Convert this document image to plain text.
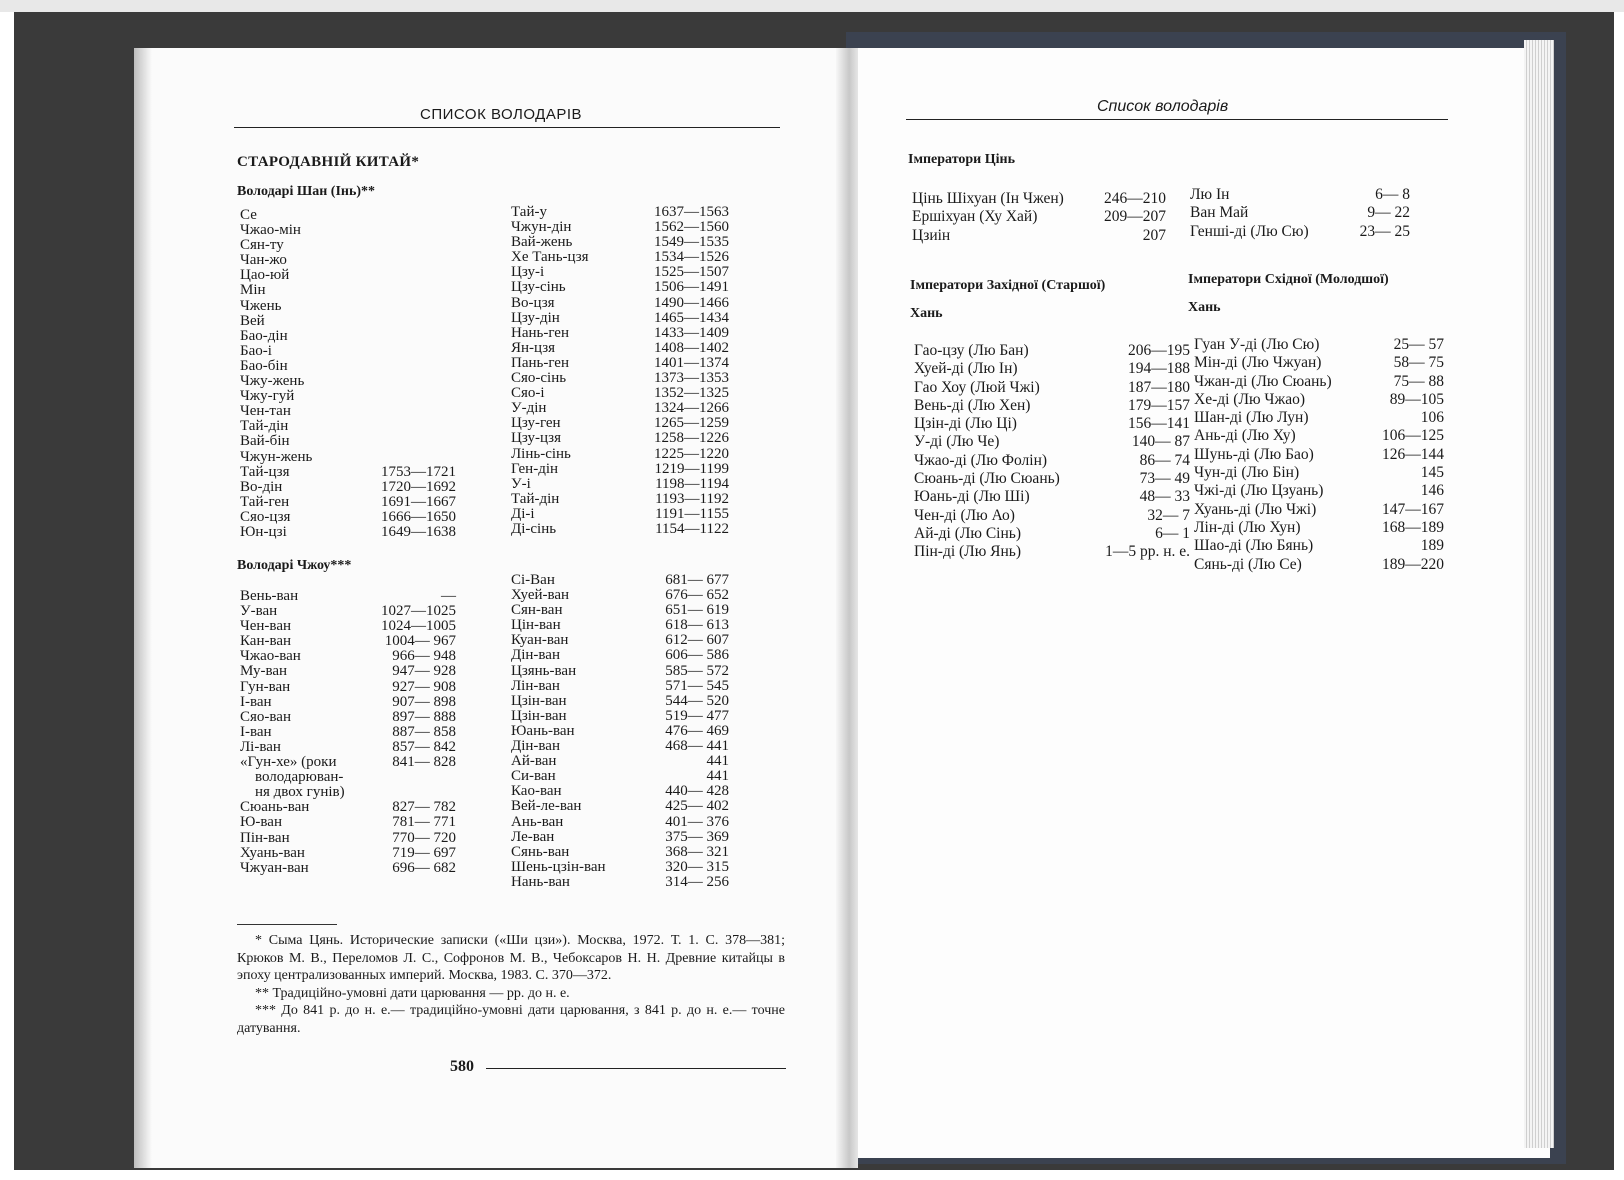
СПИСОК ВОЛОДАРІВ
СТАРОДАВНІЙ КИТАЙ*
Володарі Шан (Інь)**
Се
Чжао-мін
Сян-ту
Чан-жо
Цао-юй
Мін
Чжень
Вей
Бао-дін
Бао-і
Бао-бін
Чжу-жень
Чжу-гуй
Чен-тан
Тай-дін
Вай-бін
Чжун-жень
Тай-цзя	1753—1721
Во-дін	1720—1692
Тай-ген	1691—1667
Сяо-цзя	1666—1650
Юн-цзі	1649—1638
Тай-у	1637—1563
Чжун-дін	1562—1560
Вай-жень	1549—1535
Хе Тань-цзя	1534—1526
Цзу-і	1525—1507
Цзу-сінь	1506—1491
Во-цзя	1490—1466
Цзу-дін	1465—1434
Нань-ген	1433—1409
Ян-цзя	1408—1402
Пань-ген	1401—1374
Сяо-сінь	1373—1353
Сяо-і	1352—1325
У-дін	1324—1266
Цзу-ген	1265—1259
Цзу-цзя	1258—1226
Лінь-сінь	1225—1220
Ген-дін	1219—1199
У-і	1198—1194
Тай-дін	1193—1192
Ді-і	1191—1155
Ді-сінь	1154—1122
Володарі Чжоу***
Вень-ван	—
У-ван	1027—1025
Чен-ван	1024—1005
Кан-ван	1004— 967
Чжао-ван	966— 948
Му-ван	947— 928
Гун-ван	927— 908
І-ван	907— 898
Сяо-ван	897— 888
І-ван	887— 858
Лі-ван	857— 842
«Гун-хе» (роки	841— 828
володарюван-
ня двох гунів)
Сюань-ван	827— 782
Ю-ван	781— 771
Пін-ван	770— 720
Хуань-ван	719— 697
Чжуан-ван	696— 682
Сі-Ван	681— 677
Хуей-ван	676— 652
Сян-ван	651— 619
Цін-ван	618— 613
Куан-ван	612— 607
Дін-ван	606— 586
Цзянь-ван	585— 572
Лін-ван	571— 545
Цзін-ван	544— 520
Цзін-ван	519— 477
Юань-ван	476— 469
Дін-ван	468— 441
Ай-ван	441
Си-ван	441
Као-ван	440— 428
Вей-ле-ван	425— 402
Ань-ван	401— 376
Ле-ван	375— 369
Сянь-ван	368— 321
Шень-цзін-ван	320— 315
Нань-ван	314— 256

* Сыма Цянь. Исторические записки («Ши цзи»). Москва, 1972. Т. 1. С. 378—381; Крюков М. В., Переломов Л. С., Софронов М. В., Чебоксаров Н. Н. Древние китайцы в эпоху централизованных империй. Москва, 1983. С. 370—372.

** Традиційно-умовні дати царювання — рр. до н. е.

*** До 841 р. до н. е.— традиційно-умовні дати царювання, з 841 р. до н. е.— точне датування.

580
Список володарів
Імператори Цінь
Цінь Шіхуан (Ін Чжен)	246—210
Ершіхуан (Ху Хай)	209—207
Цзиін	207
Лю Ін	6— 8
Ван Май	9— 22
Генші-ді (Лю Сю)	23— 25
Імператори Західної (Старшої)
Хань
Гао-цзу (Лю Бан)	206—195
Хуей-ді (Лю Ін)	194—188
Гао Хоу (Люй Чжі)	187—180
Вень-ді (Лю Хен)	179—157
Цзін-ді (Лю Ці)	156—141
У-ді (Лю Че)	140— 87
Чжао-ді (Лю Фолін)	86— 74
Сюань-ді (Лю Сюань)	73— 49
Юань-ді (Лю Ші)	48— 33
Чен-ді (Лю Ао)	32— 7
Ай-ді (Лю Сінь)	6— 1
Пін-ді (Лю Янь)	1—5 рр. н. е.
Імператори Східної (Молодшої)
Хань
Гуан У-ді (Лю Сю)	25— 57
Мін-ді (Лю Чжуан)	58— 75
Чжан-ді (Лю Сюань)	75— 88
Хе-ді (Лю Чжао)	89—105
Шан-ді (Лю Лун)	106
Ань-ді (Лю Ху)	106—125
Шунь-ді (Лю Бао)	126—144
Чун-ді (Лю Бін)	145
Чжі-ді (Лю Цзуань)	146
Хуань-ді (Лю Чжі)	147—167
Лін-ді (Лю Хун)	168—189
Шао-ді (Лю Бянь)	189
Сянь-ді (Лю Се)	189—220
